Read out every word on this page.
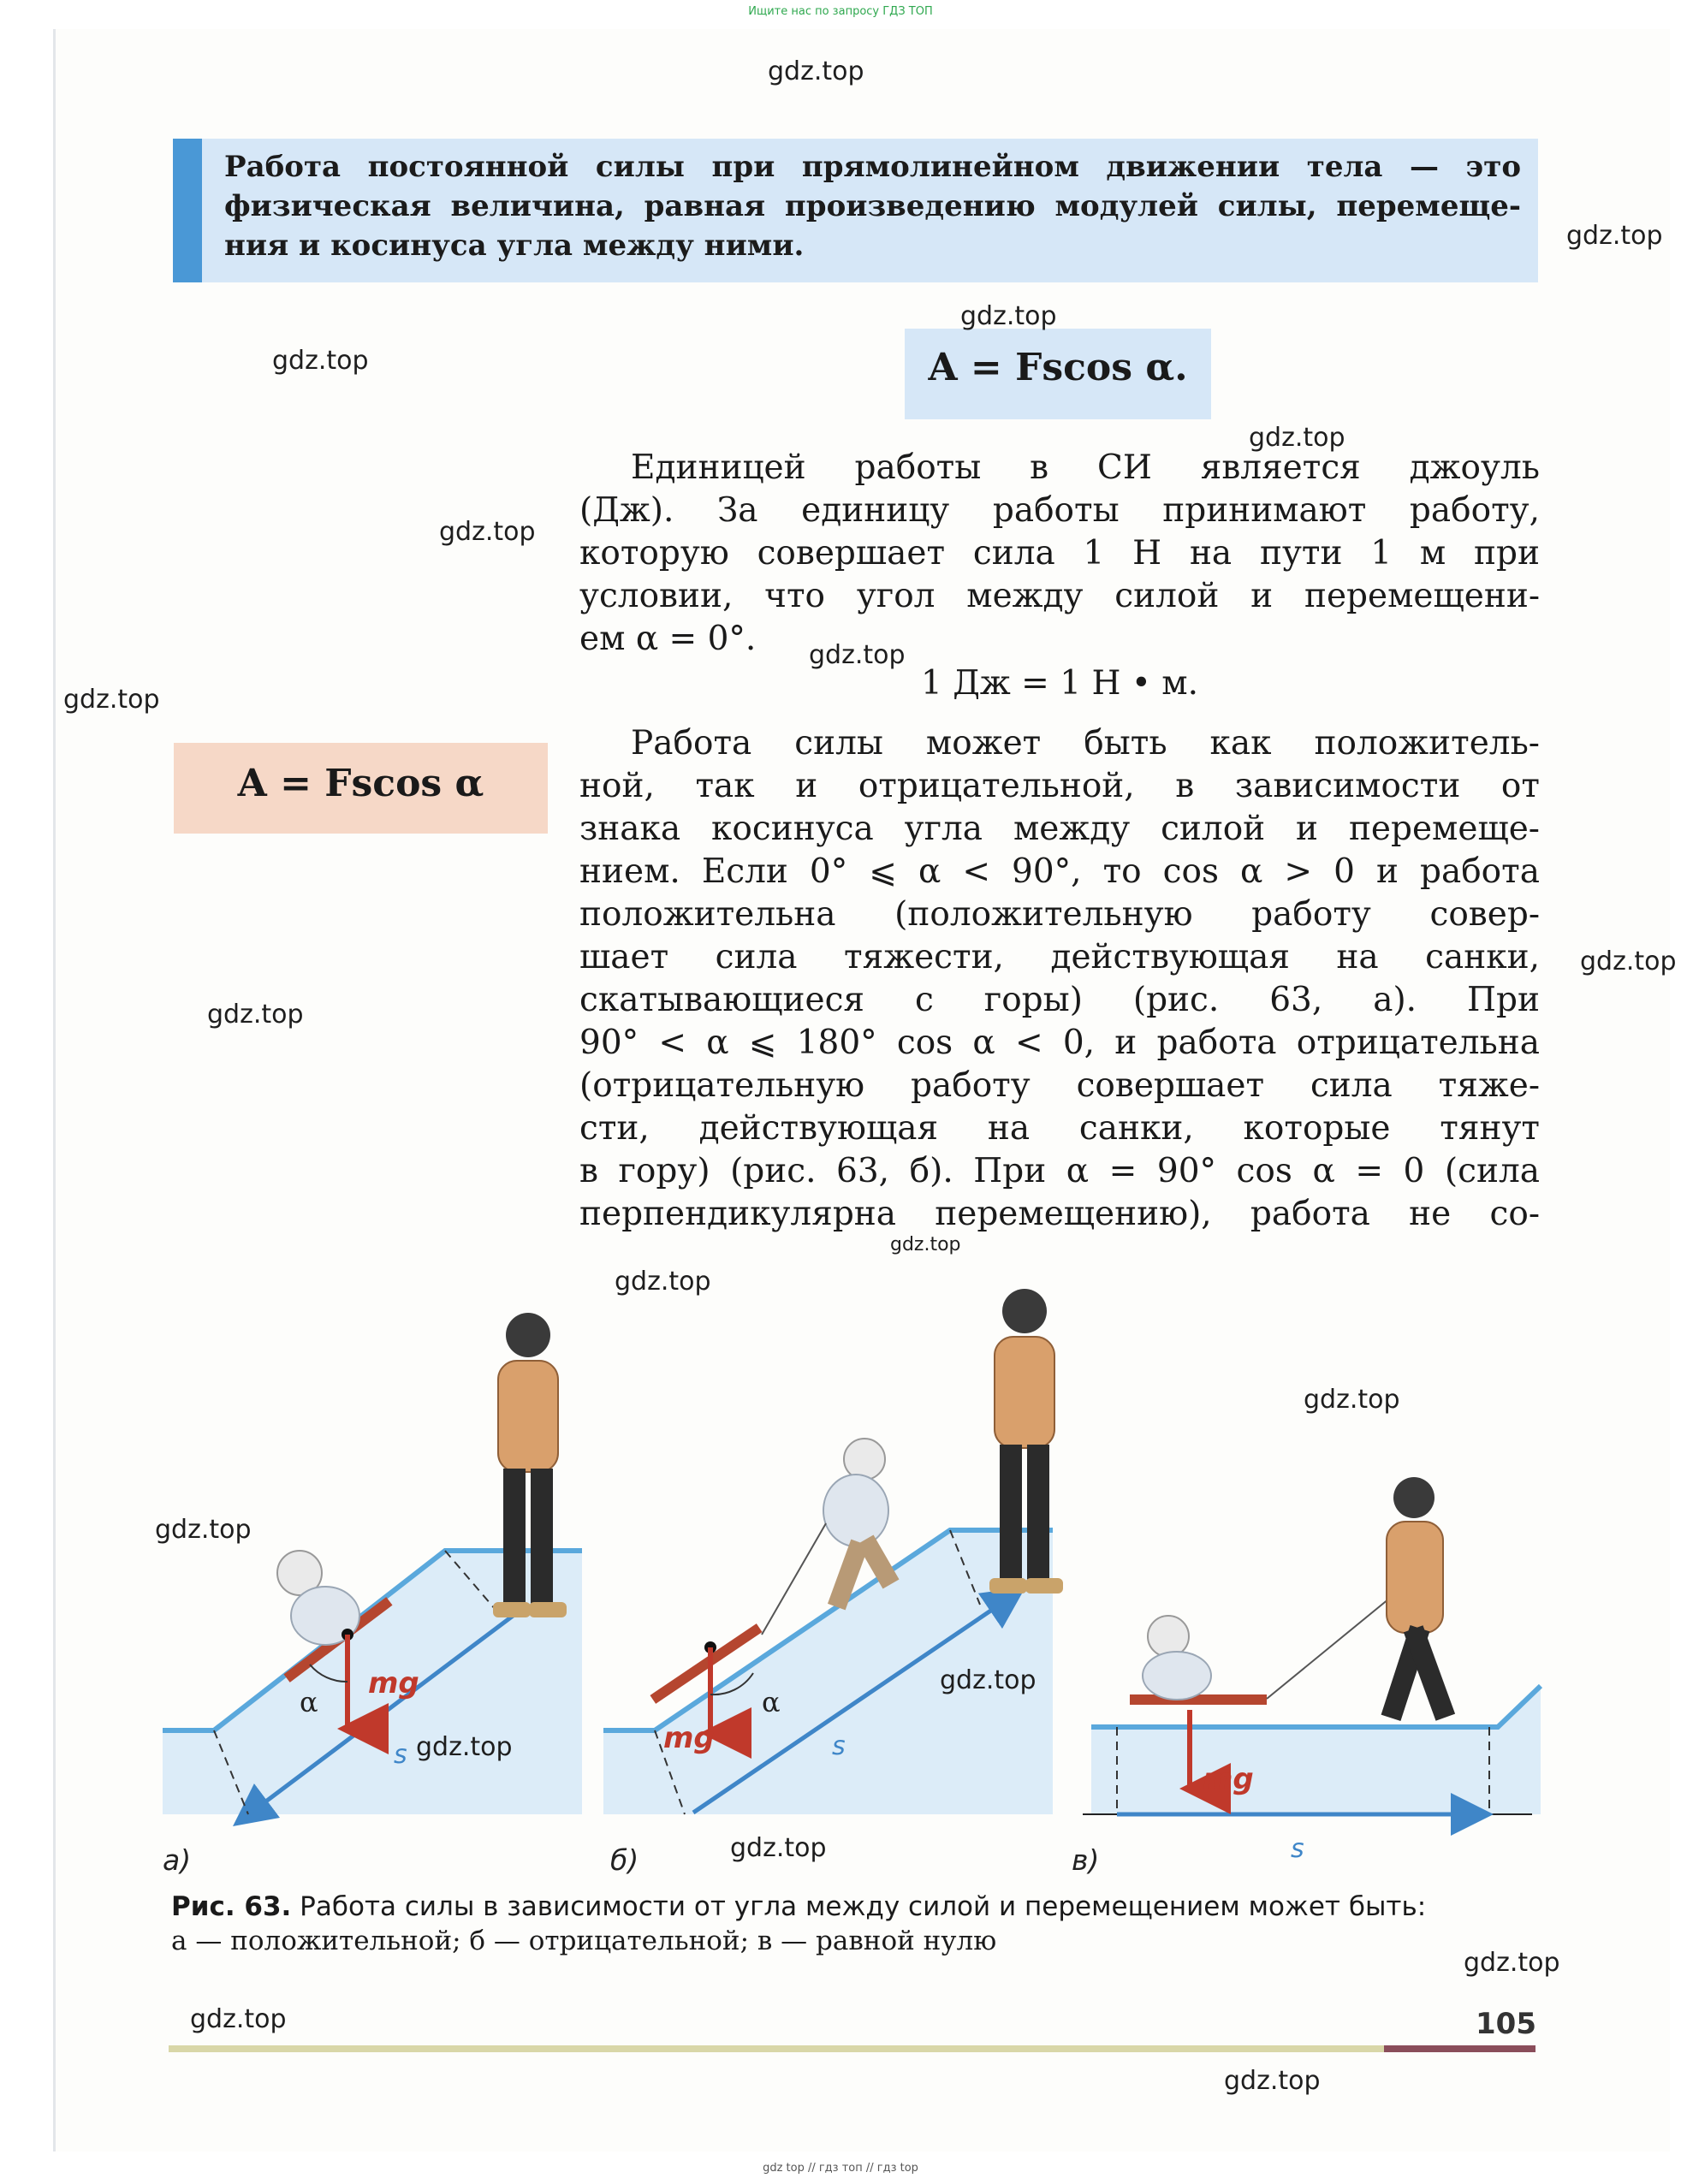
Ищите нас по запросу ГДЗ ТОП
Работа постоянной силы при прямолинейном движении тела — это
физическая величина, равная произведению модулей силы, перемеще-
ния и косинуса угла между ними.
A = Fscos α.
A = Fscos α
Единицей работы в СИ является джоуль
(Дж). За единицу работы принимают работу,
которую совершает сила 1 Н на пути 1 м при
условии, что угол между силой и перемещени-
ем α = 0°.
1 Дж = 1 Н • м.
Работа силы может быть как положитель-
ной, так и отрицательной, в зависимости от
знака косинуса угла между силой и перемеще-
нием. Если 0° ⩽ α < 90°, то cos α > 0 и работа
положительна (положительную работу совер-
шает сила тяжести, действующая на санки,
скатывающиеся с горы) (рис. 63, а). При
90° < α ⩽ 180° cos α < 0, и работа отрицательна
(отрицательную работу совершает сила тяже-
сти, действующая на санки, которые тянут
в гору) (рис. 63, б). При α = 90° cos α = 0 (сила
перпендикулярна перемещению), работа не со-
α
mg
s
а)
α
mg	s
б)
mg
s
в)
Рис. 63. Работа силы в зависимости от угла между силой и перемещением может быть:
а — положительной; б — отрицательной; в — равной нулю
105
gdz top // гдз топ // гдз top
gdz.top
gdz.top
gdz.top
gdz.top
gdz.top
gdz.top
gdz.top
gdz.top
gdz.top
gdz.top
gdz.top
gdz.top
gdz.top
gdz.top
gdz.top
gdz.top
gdz.top
gdz.top
gdz.top
gdz.top
